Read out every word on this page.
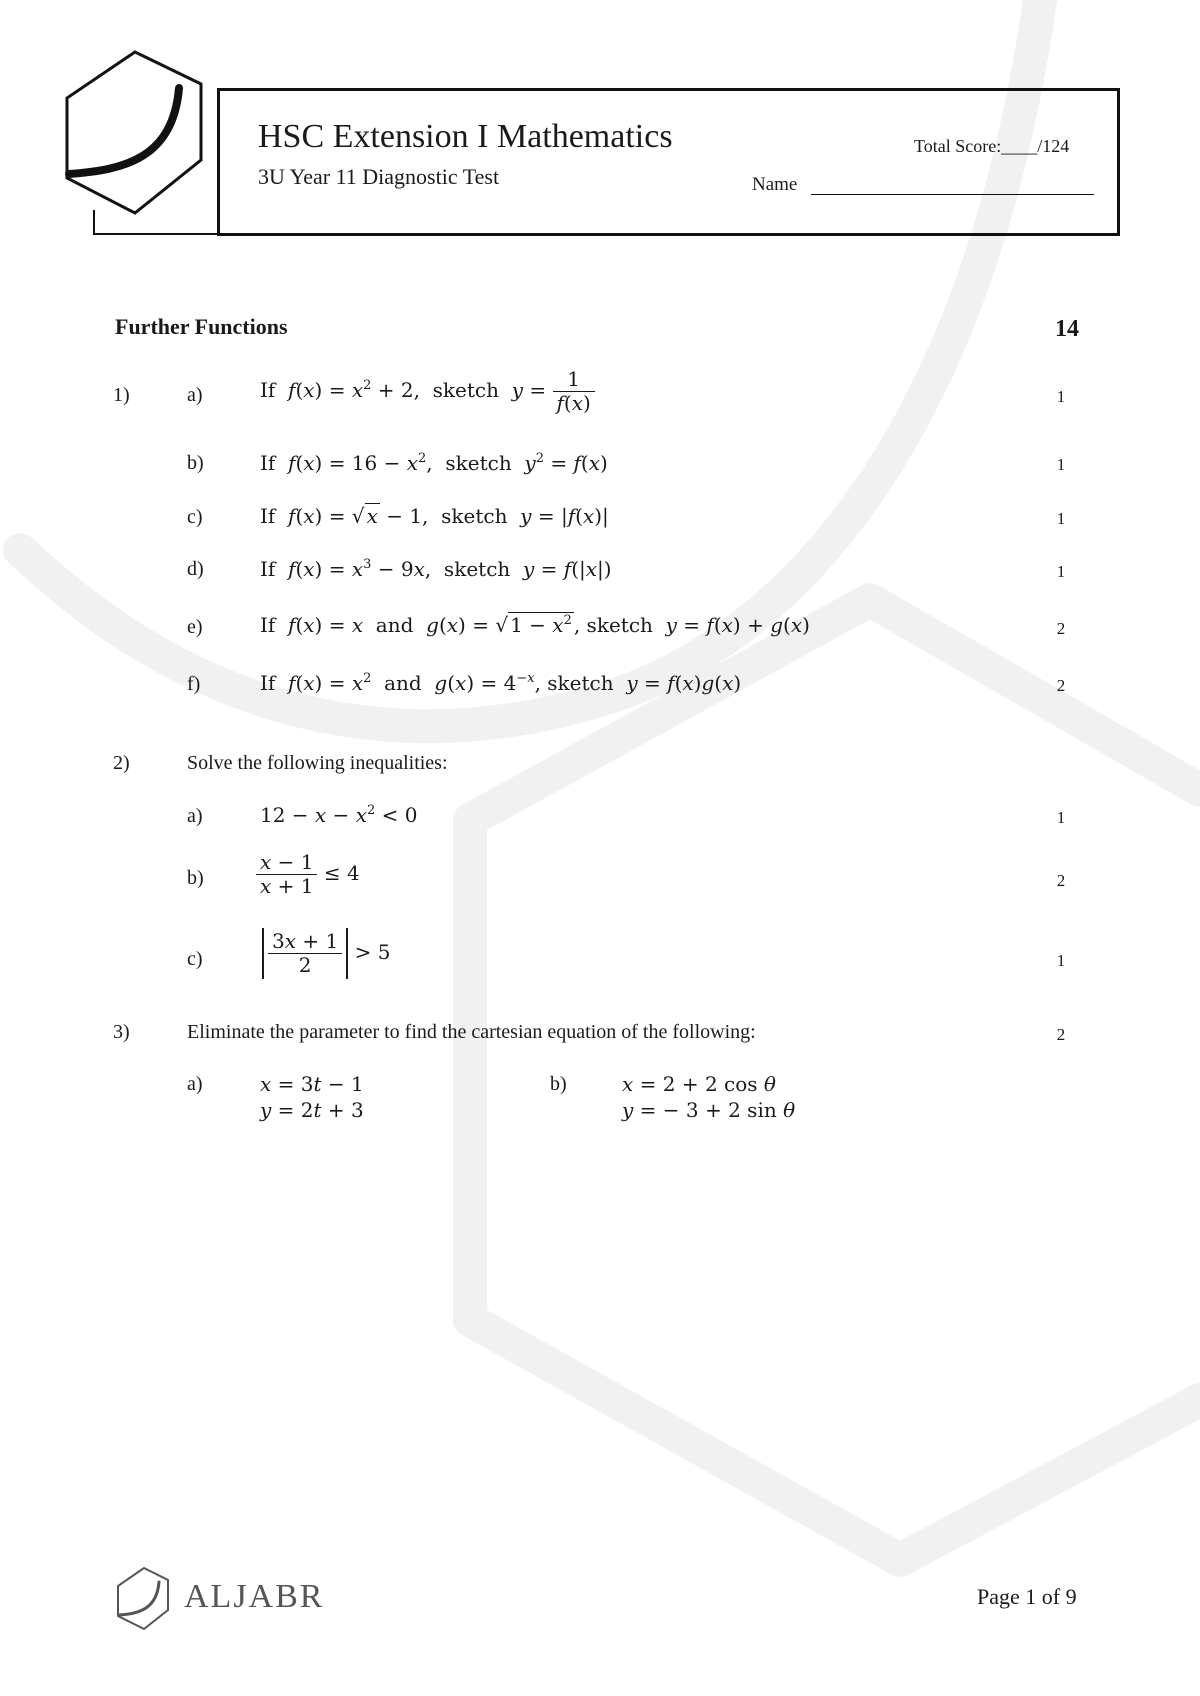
HSC Extension I Mathematics
3U Year 11 Diagnostic Test
Total Score:____/124
Name
Further Functions	14
1)	a)	If  $f(x) = x^2 + 2$,  sketch  $y = \frac{1}{f(x)}$	1
b)	If  $f(x) = 16 - x^2$,  sketch  $y^2 = f(x)$	1
c)	If  f(x) = √ x − 1,  sketch  y = |f(x)|	1
d)	If  $f(x) = x^3 - 9x$,  sketch  y = f(|x|)	1
e)	If  f(x) = x  and  g(x) = √ $1 - x^2$ , sketch  y = f(x) + g(x)	2
f)	If  $f(x) = x^2$  and  $g(x) = 4^{-x}$, sketch  y = f(x)g(x)	2
2)	Solve the following inequalities:
a)	$12 - x - x^2 < 0$	1
b)	$\frac{x - 1}{x + 1} \le 4$	2
c)	$\frac{3x + 1}{2} > 5$	1
3)	Eliminate the parameter to find the cartesian equation of the following:	2
a)	x = 3t − 1
y = 2t + 3
b)	x = 2 + 2 cos θ
y = − 3 + 2 sin θ
ALJABR	Page 1 of 9
